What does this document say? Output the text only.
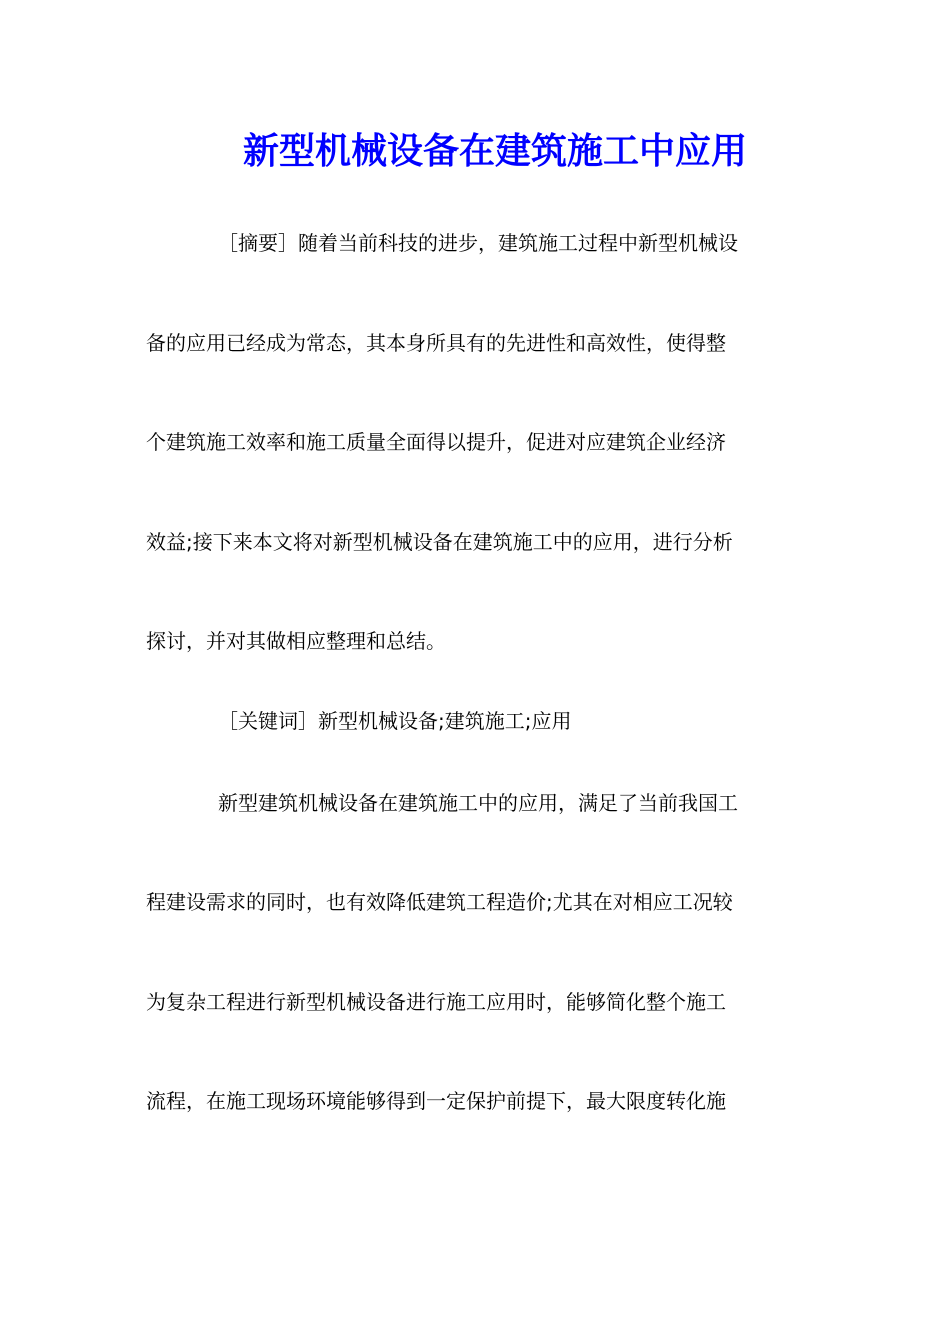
新型机械设备在建筑施工中应用

［摘要］随着当前科技的进步，建筑施工过程中新型机械设

备的应用已经成为常态，其本身所具有的先进性和高效性，使得整

个建筑施工效率和施工质量全面得以提升，促进对应建筑企业经济

效益;接下来本文将对新型机械设备在建筑施工中的应用，进行分析

探讨，并对其做相应整理和总结。

［关键词］新型机械设备;建筑施工;应用

新型建筑机械设备在建筑施工中的应用，满足了当前我国工

程建设需求的同时，也有效降低建筑工程造价;尤其在对相应工况较

为复杂工程进行新型机械设备进行施工应用时，能够简化整个施工

流程，在施工现场环境能够得到一定保护前提下，最大限度转化施
